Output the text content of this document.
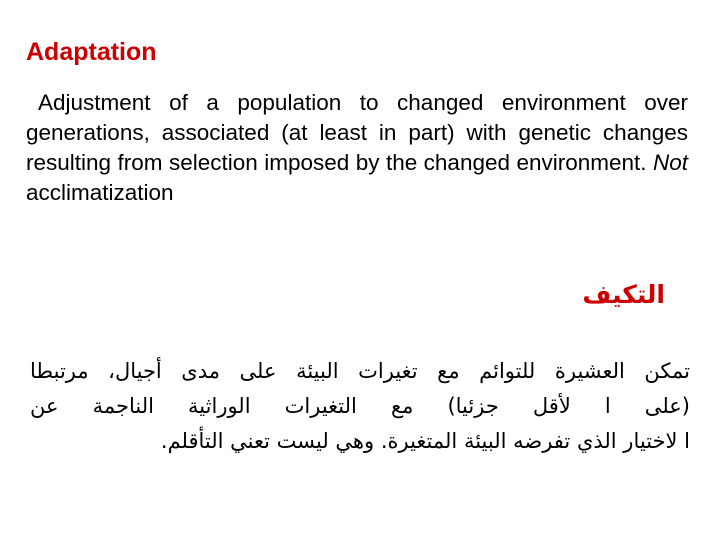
Adaptation
Adjustment of a population to changed environment over generations, associated (at least in part) with genetic changes resulting from selection imposed by the changed environment. Not acclimatization
التكيف
تمكن العشيرة للتوائم مع تغيرات البيئة على مدى أجيال، مرتبطا
(على ا لأقل جزئيا) مع التغيرات الوراثية الناجمة عن
ا لاختيار الذي تفرضه البيئة المتغيرة. وهي ليست تعني التأقلم.
